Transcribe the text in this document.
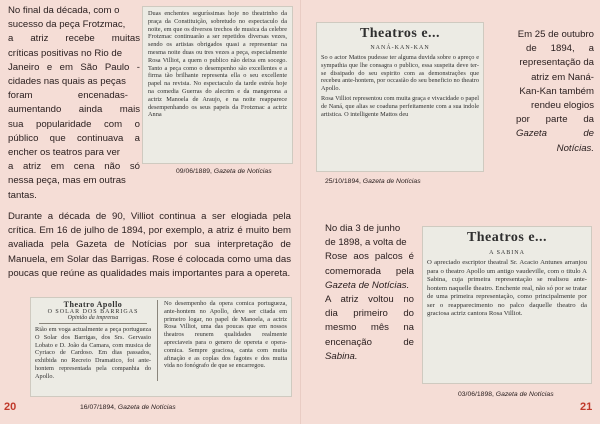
No final da década, com o
sucesso da peça Frotzmac,
a atriz recebe muitas
críticas positivas no Rio de
Janeiro e em São Paulo -
cidades nas quais as peças
foram encenadas-
aumentando ainda mais
sua popularidade com o
público que continuava a
encher os teatros para ver
a atriz em cena não só
nessa peça, mas em outras
tantas.
Duas enchentes seguríssimas hoje no theatrinho da praça da Constituição, sobretudo no espectaculo da noite, em que os diversos trechos de musica da celebre Frotzmac continuarão a ser repetidos diversas vezes, sendo os artistas obrigados quasi a representar na mesma noite duas ou tres vezes a peça, especialmente Rosa Villiot, a quem o publico não deixa em socego. Tanto a peça como o desempenho são excellentes e a firma tão brilhante representa ella o seu excellente papel na revista. No espectaculo da tarde estréa hoje na comedia Guerras do alecrim e da mangerona a actriz Manoela de Araujo, e na noite reapparece desempenhando os seus papeis da Frotzmac a actriz Anna
09/06/1889, Gazeta de Notícias
Durante a década de 90, Villiot continua a ser elogiada pela crítica. Em 16 de julho de 1894, por exemplo, a atriz é muito bem avaliada pela Gazeta de Notícias por sua interpretação de Manuela, em Solar das Barrigas. Rose é colocada como uma das poucas que reúne as qualidades mais importantes para a opereta.
Theatro Apollo
O SOLAR DOS BARRIGAS
Opinião da imprensa
Rião em voga actualmente a peça portugueza O Solar dos Barrigas, dos Srs. Gervasio Lobato e D. João da Camara, com musica de Cyriaco de Cardoso. Em dias passados, exhibida no Recreio Dramatico, foi ante-hontem representada pela companhia do Apollo.
No desempenho da opera comica portugueza, ante-hontem no Apollo, deve ser citada em primeiro logar, no papel de Manoela, a actriz Rosa Villiot, uma das poucas que em nossos theatros reunem qualidades realmente apreciaveis para o genero de opereta e opera-comica. Sempre graciosa, canta com muita afinação e as coplas dos fagotes e dos muita vida no fonógrafo de que se encarregou.
16/07/1894, Gazeta de Notícias
20
Theatros e...
NANÁ-KAN-KAN
So o actor Mattos pudesse ter alguma duvida sobre o apreço e sympathia que lhe consagra o publico, essa suspeita deve ter-se dissipado do seu espirito com as demonstrações que recebeu ante-hontem, por occasião do seu beneficio no theatro Apollo.
Rosa Villiot representou com muita graça e vivacidade o papel de Naná, que alias se coaduna perfeitamente com a sua indole artistica. O intelligente Mattos deu
25/10/1894, Gazeta de Notícias
Em 25 de outubro
de 1894, a
representação da
atriz em Naná-
Kan-Kan também
rendeu elogios
por parte da
Gazeta de
Notícias.
No dia 3 de junho
de 1898, a volta de
Rose aos palcos é
comemorada pela
Gazeta de Notícias.
A atriz voltou no
dia primeiro do
mesmo mês na
encenação de
Sabina.
Theatros e...
A SABINA
O apreciado escriptor theatral Sr. Acacio Antunes arranjou para o theatro Apollo um antigo vaudeville, com o titulo A Sabina, cuja primeira representação se realisou ante-hontem naquelle theatro. Enchente real, não só por se tratar de uma primeira representação, como principalmente por ser o reapparecimento no palco daquelle theatro da graciosa actriz cantora Rosa Villiot.
03/06/1898, Gazeta de Notícias
21
